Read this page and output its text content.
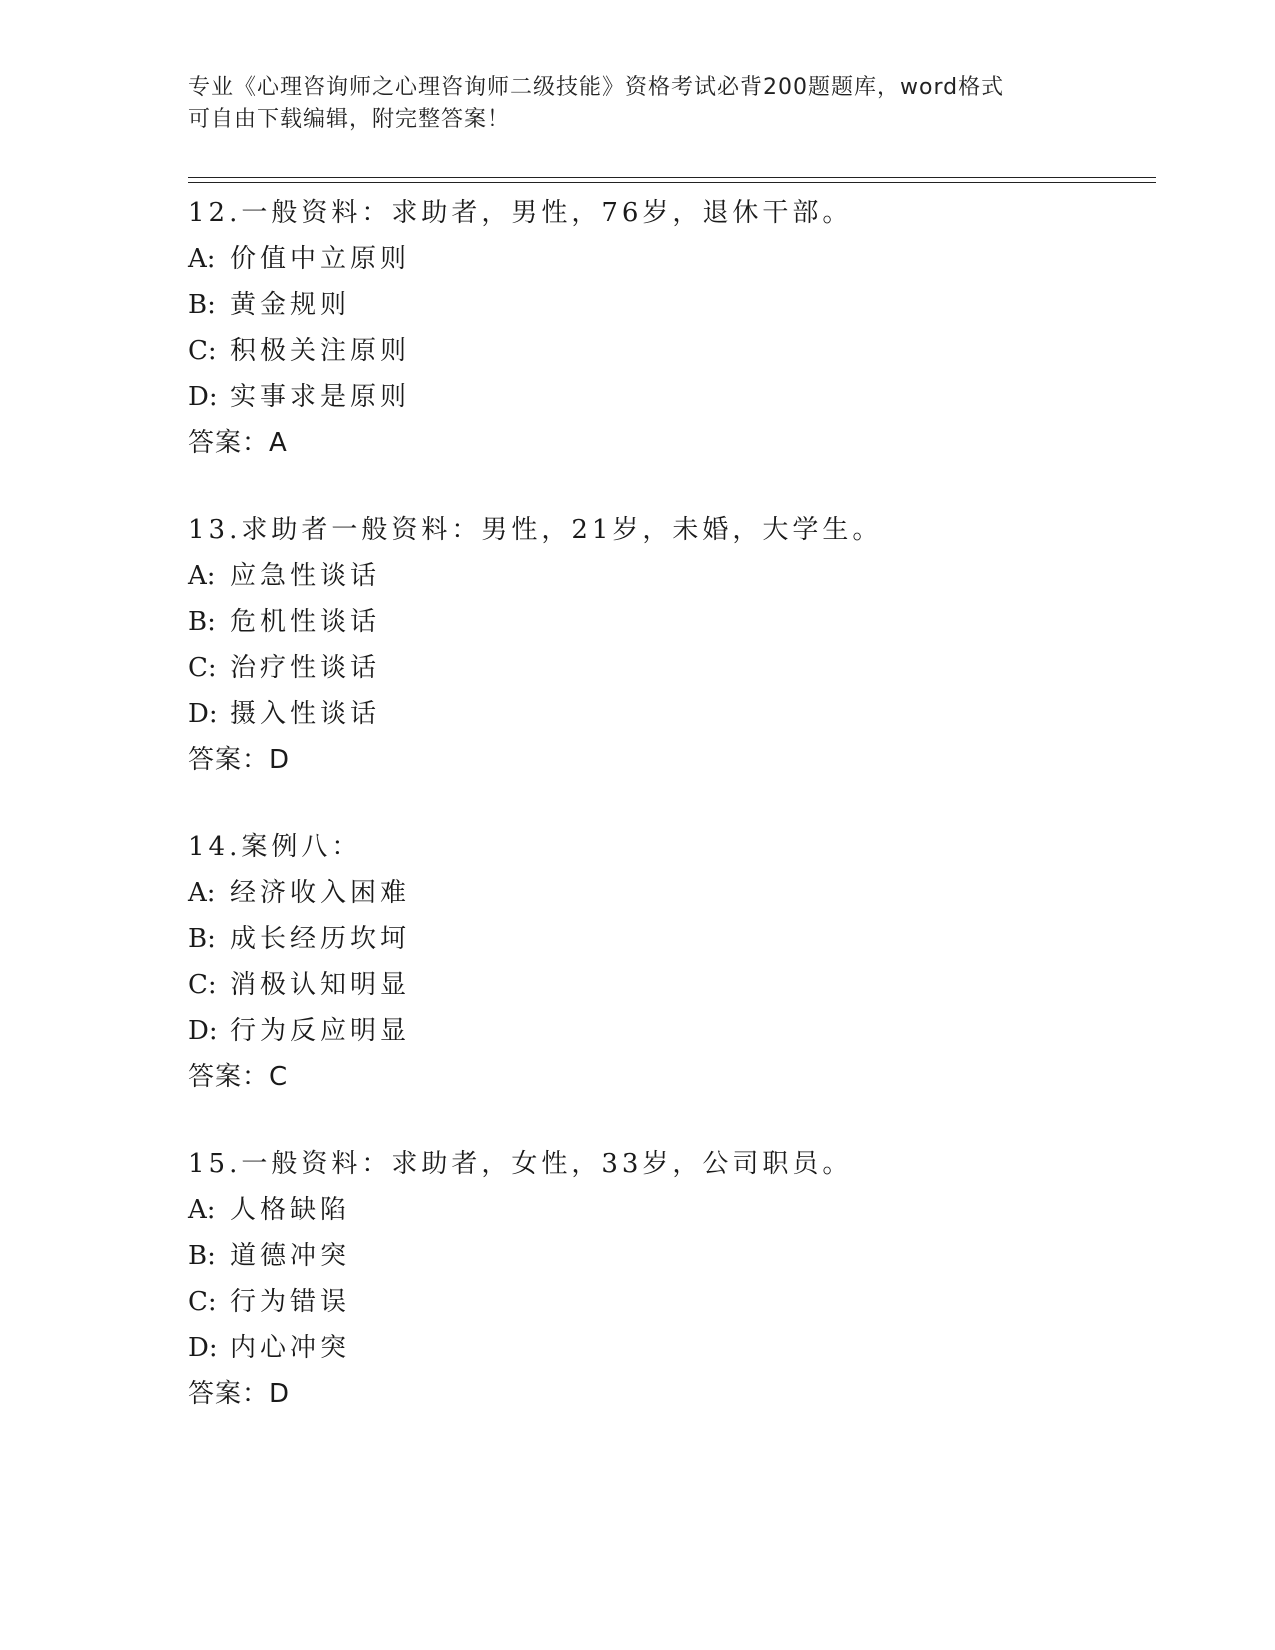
专业《心理咨询师之心理咨询师二级技能》资格考试必背200题题库，word格式
可自由下载编辑，附完整答案！
12.一般资料：求助者，男性，76岁，退休干部。
A: 价值中立原则
B: 黄金规则
C: 积极关注原则
D: 实事求是原则
答案：A
13.求助者一般资料：男性，21岁，未婚，大学生。
A: 应急性谈话
B: 危机性谈话
C: 治疗性谈话
D: 摄入性谈话
答案：D
14.案例八：
A: 经济收入困难
B: 成长经历坎坷
C: 消极认知明显
D: 行为反应明显
答案：C
15.一般资料：求助者，女性，33岁，公司职员。
A: 人格缺陷
B: 道德冲突
C: 行为错误
D: 内心冲突
答案：D
